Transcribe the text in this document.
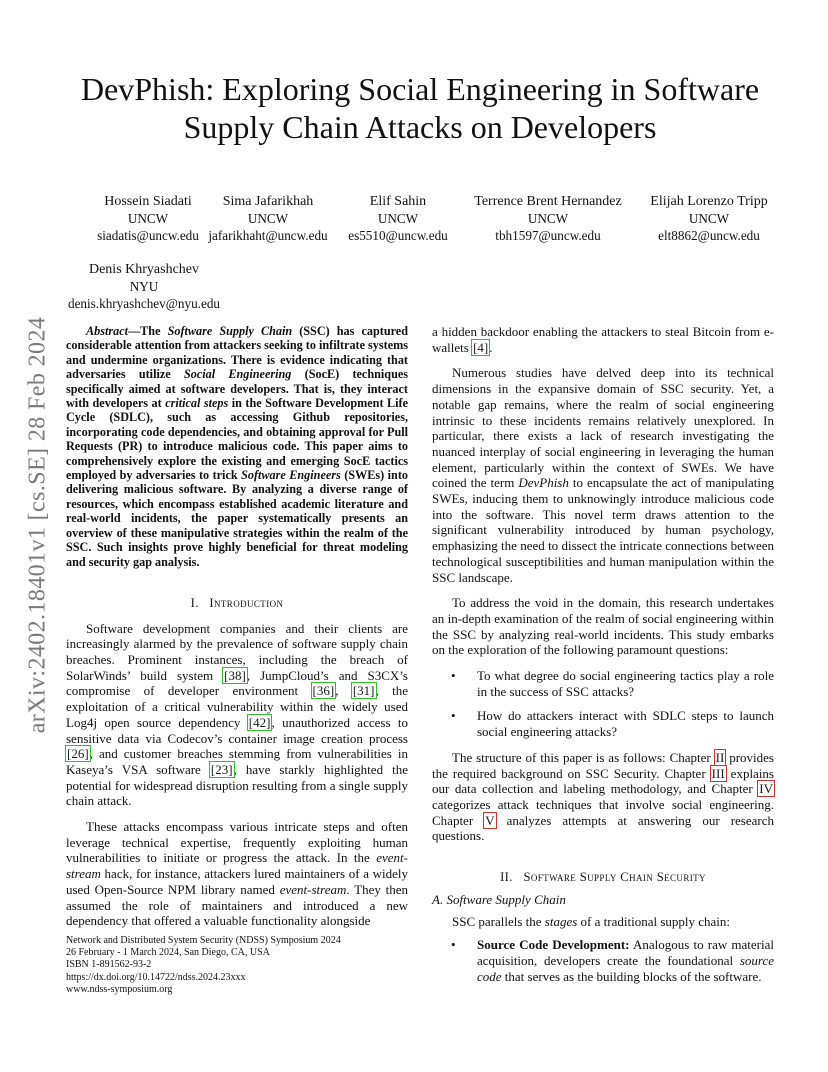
arXiv:2402.18401v1 [cs.SE] 28 Feb 2024
DevPhish: Exploring Social Engineering in Software Supply Chain Attacks on Developers
Hossein Siadati
UNCW
siadatis@uncw.edu
Sima Jafarikhah
UNCW
jafarikhaht@uncw.edu
Elif Sahin
UNCW
es5510@uncw.edu
Terrence Brent Hernandez
UNCW
tbh1597@uncw.edu
Elijah Lorenzo Tripp
UNCW
elt8862@uncw.edu
Denis Khryashchev
NYU
denis.khryashchev@nyu.edu

Abstract—The Software Supply Chain (SSC) has captured considerable attention from attackers seeking to infiltrate systems and undermine organizations. There is evidence indicating that adversaries utilize Social Engineering (SocE) techniques specifically aimed at software developers. That is, they interact with developers at critical steps in the Software Development Life Cycle (SDLC), such as accessing Github repositories, incorporating code dependencies, and obtaining approval for Pull Requests (PR) to introduce malicious code. This paper aims to comprehensively explore the existing and emerging SocE tactics employed by adversaries to trick Software Engineers (SWEs) into delivering malicious software. By analyzing a diverse range of resources, which encompass established academic literature and real-world incidents, the paper systematically presents an overview of these manipulative strategies within the realm of the SSC. Such insights prove highly beneficial for threat modeling and security gap analysis.

I. Introduction

Software development companies and their clients are increasingly alarmed by the prevalence of software supply chain breaches. Prominent instances, including the breach of SolarWinds’ build system [38], JumpCloud’s and S3CX’s compromise of developer environment [36], [31], the exploitation of a critical vulnerability within the widely used Log4j open source dependency [42], unauthorized access to sensitive data via Codecov’s container image creation process [26], and customer breaches stemming from vulnerabilities in Kaseya’s VSA software [23], have starkly highlighted the potential for widespread disruption resulting from a single supply chain attack.

These attacks encompass various intricate steps and often leverage technical expertise, frequently exploiting human vulnerabilities to initiate or progress the attack. In the event-stream hack, for instance, attackers lured maintainers of a widely used Open-Source NPM library named event-stream. They then assumed the role of maintainers and introduced a new dependency that offered a valuable functionality alongside

a hidden backdoor enabling the attackers to steal Bitcoin from e-wallets [4].

Numerous studies have delved deep into its technical dimensions in the expansive domain of SSC security. Yet, a notable gap remains, where the realm of social engineering intrinsic to these incidents remains relatively unexplored. In particular, there exists a lack of research investigating the nuanced interplay of social engineering in leveraging the human element, particularly within the context of SWEs. We have coined the term DevPhish to encapsulate the act of manipulating SWEs, inducing them to unknowingly introduce malicious code into the software. This novel term draws attention to the significant vulnerability introduced by human psychology, emphasizing the need to dissect the intricate connections between technological susceptibilities and human manipulation within the SSC landscape.

To address the void in the domain, this research undertakes an in-depth examination of the realm of social engineering within the SSC by analyzing real-world incidents. This study embarks on the exploration of the following paramount questions:

• To what degree do social engineering tactics play a role in the success of SSC attacks?
• How do attackers interact with SDLC steps to launch social engineering attacks?

The structure of this paper is as follows: Chapter II provides the required background on SSC Security. Chapter III explains our data collection and labeling methodology, and Chapter IV categorizes attack techniques that involve social engineering. Chapter V analyzes attempts at answering our research questions.

II. Software Supply Chain Security
A. Software Supply Chain

SSC parallels the stages of a traditional supply chain:

• Source Code Development: Analogous to raw material acquisition, developers create the foundational source code that serves as the building blocks of the software.
Network and Distributed System Security (NDSS) Symposium 2024
26 February - 1 March 2024, San Diego, CA, USA
ISBN 1-891562-93-2
https://dx.doi.org/10.14722/ndss.2024.23xxx
www.ndss-symposium.org
